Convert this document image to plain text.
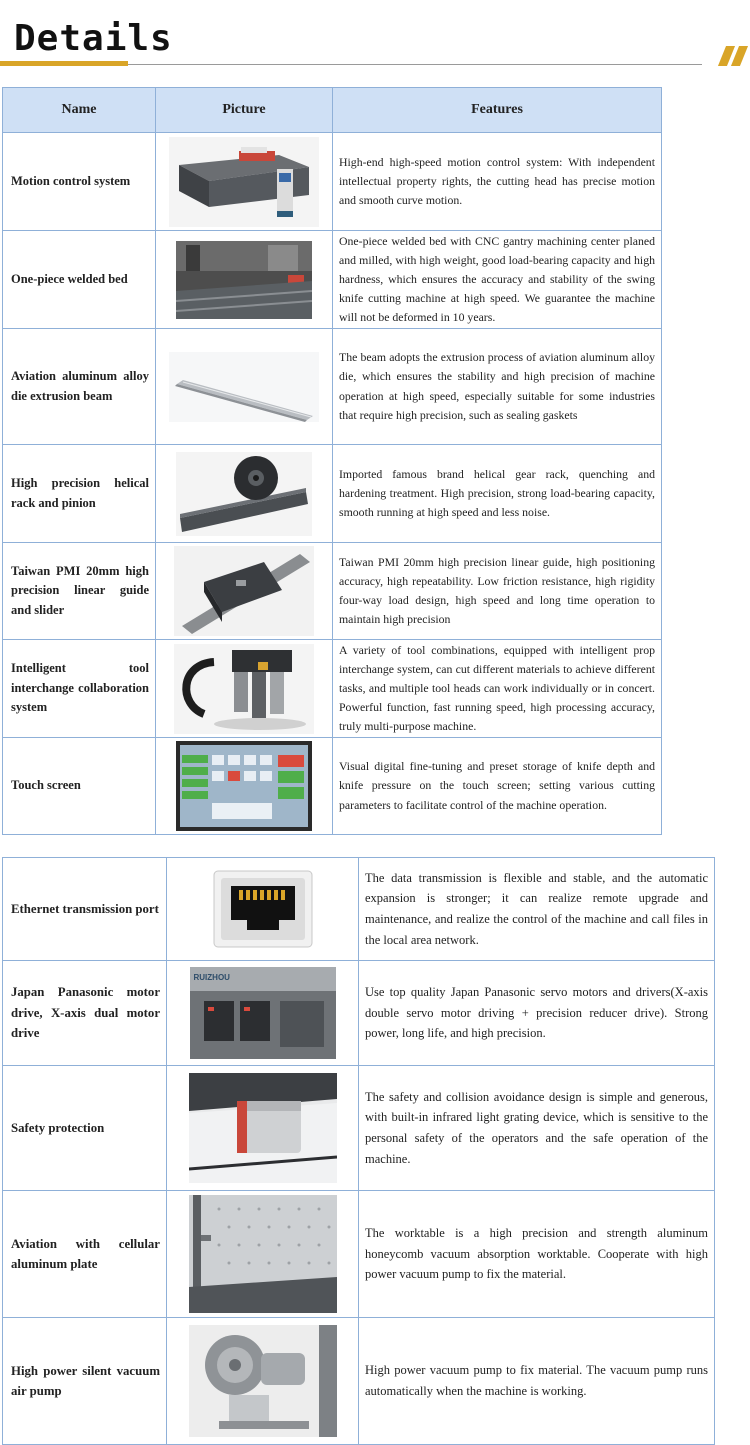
Details
Name	Picture	Features
Motion control system		High-end high-speed motion control system: With independent intellectual property rights, the cutting head has precise motion and smooth curve motion.
One-piece welded bed		One-piece welded bed with CNC gantry machining center planed and milled, with high weight, good load-bearing capacity and high hardness, which ensures the accuracy and stability of the swing knife cutting machine at high speed. We guarantee the machine will not be deformed in 10 years.
Aviation aluminum alloy die extrusion beam		The beam adopts the extrusion process of aviation aluminum alloy die, which ensures the stability and high precision of machine operation at high speed, especially suitable for some industries that require high precision, such as sealing gaskets
High precision helical rack and pinion		Imported famous brand helical gear rack, quenching and hardening treatment. High precision, strong load-bearing capacity, smooth running at high speed and less noise.
Taiwan PMI 20mm high precision linear guide and slider		Taiwan PMI 20mm high precision linear guide, high positioning accuracy, high repeatability. Low friction resistance, high rigidity four-way load design, high speed and long time operation to maintain high precision
Intelligent tool interchange collaboration system		A variety of tool combinations, equipped with intelligent prop interchange system, can cut different materials to achieve different tasks, and multiple tool heads can work individually or in concert. Powerful function, fast running speed, high processing accuracy, truly multi-purpose machine.
Touch screen		Visual digital fine-tuning and preset storage of knife depth and knife pressure on the touch screen; setting various cutting parameters to facilitate control of the machine operation.
Ethernet transmission port		The data transmission is flexible and stable, and the automatic expansion is stronger; it can realize remote upgrade and maintenance, and realize the control of the machine and call files in the local area network.
Japan Panasonic motor drive, X-axis dual motor drive	RUIZHOU	Use top quality Japan Panasonic servo motors and drivers(X-axis double servo motor driving + precision reducer drive). Strong power, long life, and high precision.
Safety protection		The safety and collision avoidance design is simple and generous, with built-in infrared light grating device, which is sensitive to the personal safety of the operators and the safe operation of the machine.
Aviation with cellular aluminum plate		The worktable is a high precision and strength aluminum honeycomb vacuum absorption worktable. Cooperate with high power vacuum pump to fix the material.
High power silent vacuum air pump		High power vacuum pump to fix material. The vacuum pump runs automatically when the machine is working.
